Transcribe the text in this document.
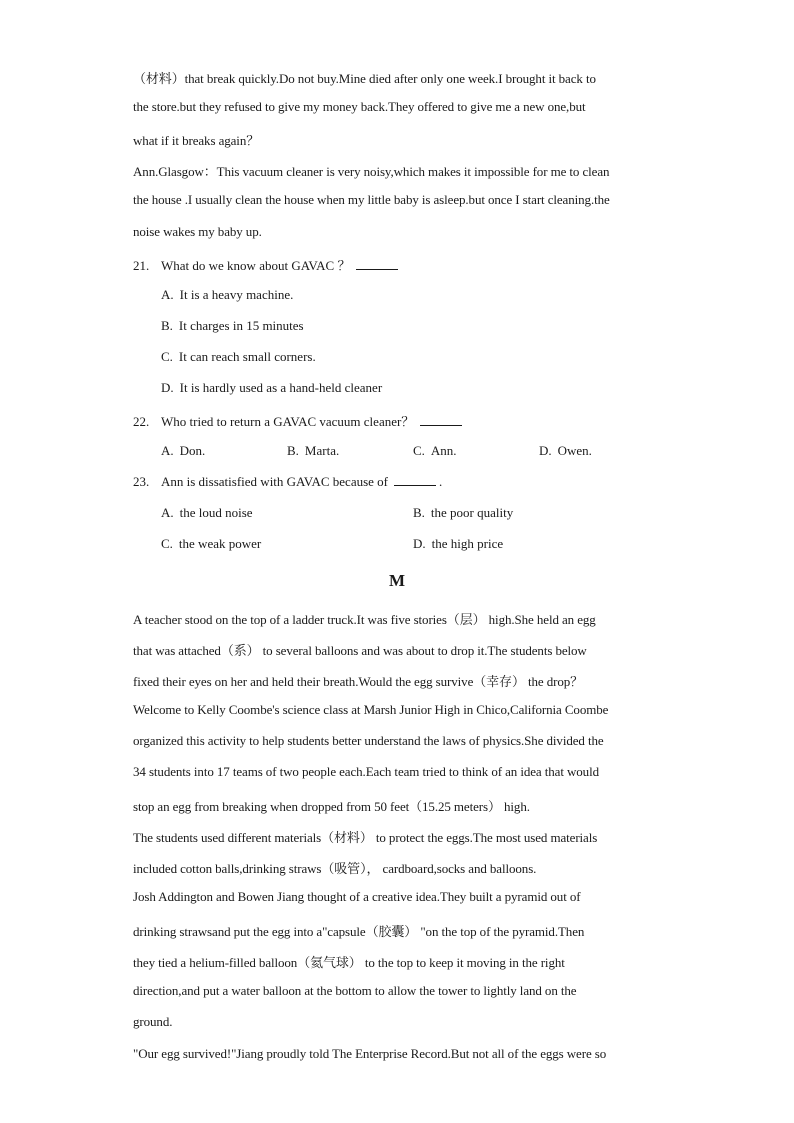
（材料）that break quickly.Do not buy.Mine died after only one week.I brought it back to
the store.but they refused to give my money back.They offered to give me a new one,but
what if it breaks again？
Ann.Glasgow：This vacuum cleaner is very noisy,which makes it impossible for me to clean
the house .I usually clean the house when my little baby is asleep.but once I start cleaning.the
noise wakes my baby up.
21. What do we know about GAVAC ？
A. It is a heavy machine.
B. It charges in 15 minutes
C. It can reach small corners.
D. It is hardly used as a hand-held cleaner
22. Who tried to return a GAVAC vacuum cleaner？
A. Don.	B. Marta.	C. Ann.	D. Owen.
23. Ann is dissatisfied with GAVAC because of	.
A. the loud noise	B. the poor quality
C. the weak power	D. the high price
M
A teacher stood on the top of a ladder truck.It was five stories（层） high.She held an egg
that was attached（系） to several balloons and was about to drop it.The students below
fixed their eyes on her and held their breath.Would the egg survive（幸存） the drop？
Welcome to Kelly Coombe's science class at Marsh Junior High in Chico,California Coombe
organized this activity to help students better understand the laws of physics.She divided the
34 students into 17 teams of two people each.Each team tried to think of an idea that would
stop an egg from breaking when dropped from 50 feet（15.25 meters） high.
The students used different materials（材料） to protect the eggs.The most used materials
included cotton balls,drinking straws（吸管）， cardboard,socks and balloons.
Josh Addington and Bowen Jiang thought of a creative idea.They built a pyramid out of
drinking strawsand put the egg into a"capsule（胶囊） "on the top of the pyramid.Then
they tied a helium-filled balloon（氦气球） to the top to keep it moving in the right
direction,and put a water balloon at the bottom to allow the tower to lightly land on the
ground.
"Our egg survived!"Jiang proudly told The Enterprise Record.But not all of the eggs were so
